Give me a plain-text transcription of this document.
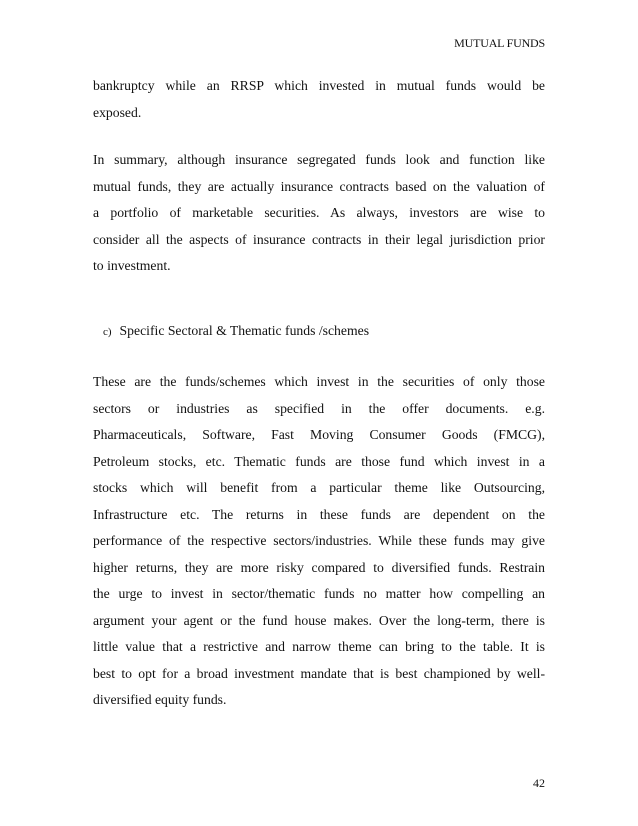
MUTUAL FUNDS
bankruptcy while an RRSP which invested in mutual funds would be
exposed.
In summary, although insurance segregated funds look and function like
mutual funds, they are actually insurance contracts based on the valuation of
a portfolio of marketable securities. As always, investors are wise to
consider all the aspects of insurance contracts in their legal jurisdiction prior
to investment.
c) Specific Sectoral & Thematic funds /schemes
These are the funds/schemes which invest in the securities of only those
sectors or industries as specified in the offer documents. e.g.
Pharmaceuticals, Software, Fast Moving Consumer Goods (FMCG),
Petroleum stocks, etc. Thematic funds are those fund which invest in a
stocks which will benefit from a particular theme like Outsourcing,
Infrastructure etc. The returns in these funds are dependent on the
performance of the respective sectors/industries. While these funds may give
higher returns, they are more risky compared to diversified funds. Restrain
the urge to invest in sector/thematic funds no matter how compelling an
argument your agent or the fund house makes. Over the long-term, there is
little value that a restrictive and narrow theme can bring to the table. It is
best to opt for a broad investment mandate that is best championed by well-
diversified equity funds.
42
